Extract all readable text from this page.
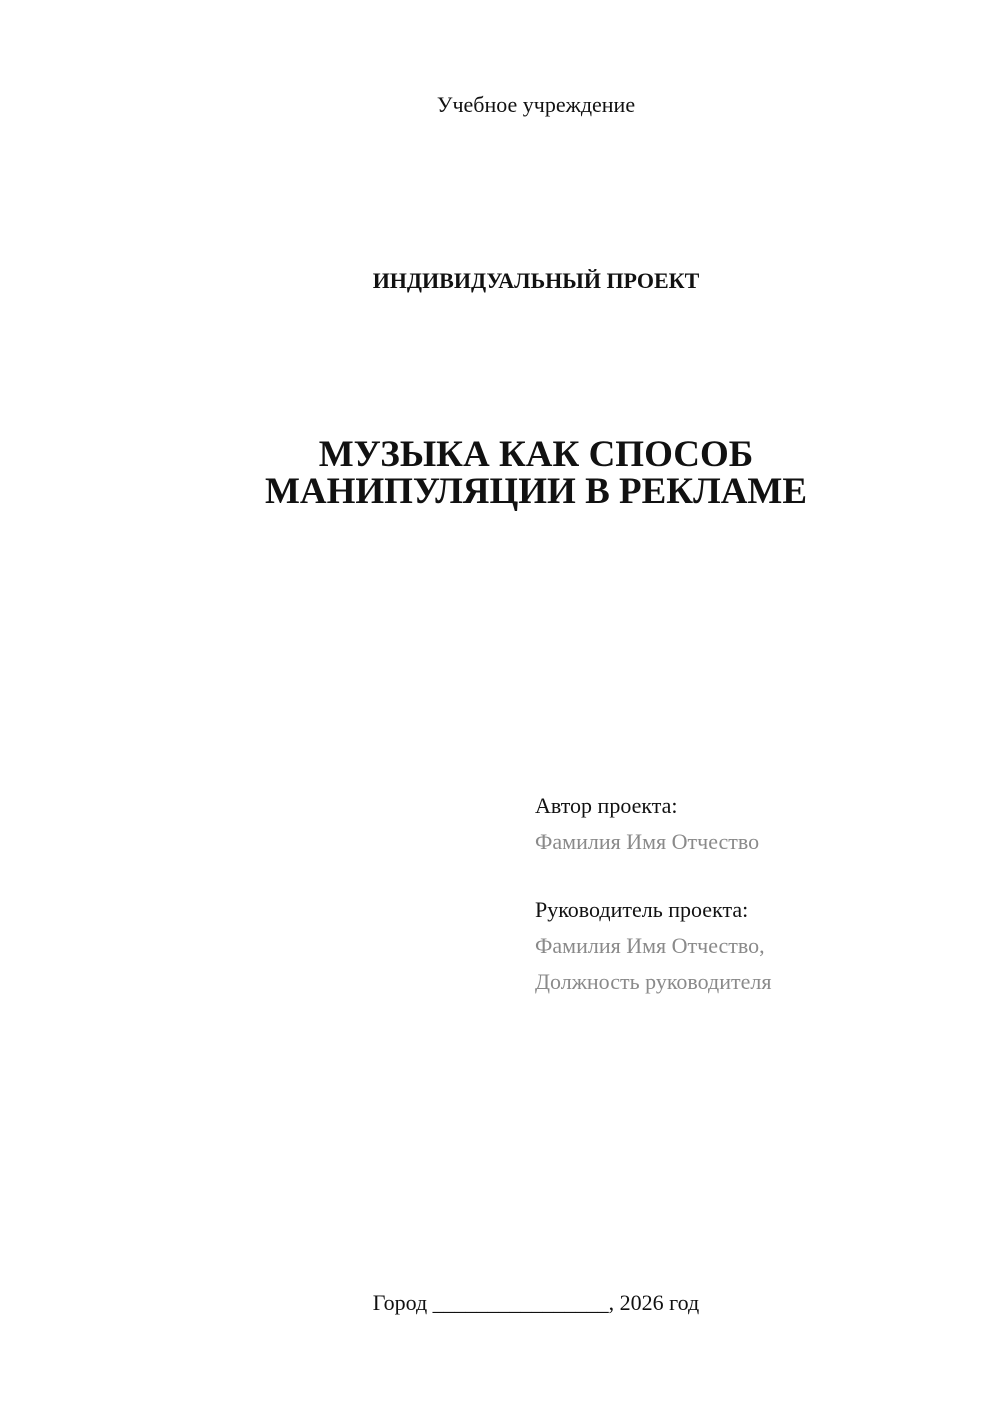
Учебное учреждение
ИНДИВИДУАЛЬНЫЙ ПРОЕКТ
МУЗЫКА КАК СПОСОБ
МАНИПУЛЯЦИИ В РЕКЛАМЕ
Автор проекта:
Фамилия Имя Отчество
Руководитель проекта:
Фамилия Имя Отчество,
Должность руководителя
Город ________________, 2026 год
